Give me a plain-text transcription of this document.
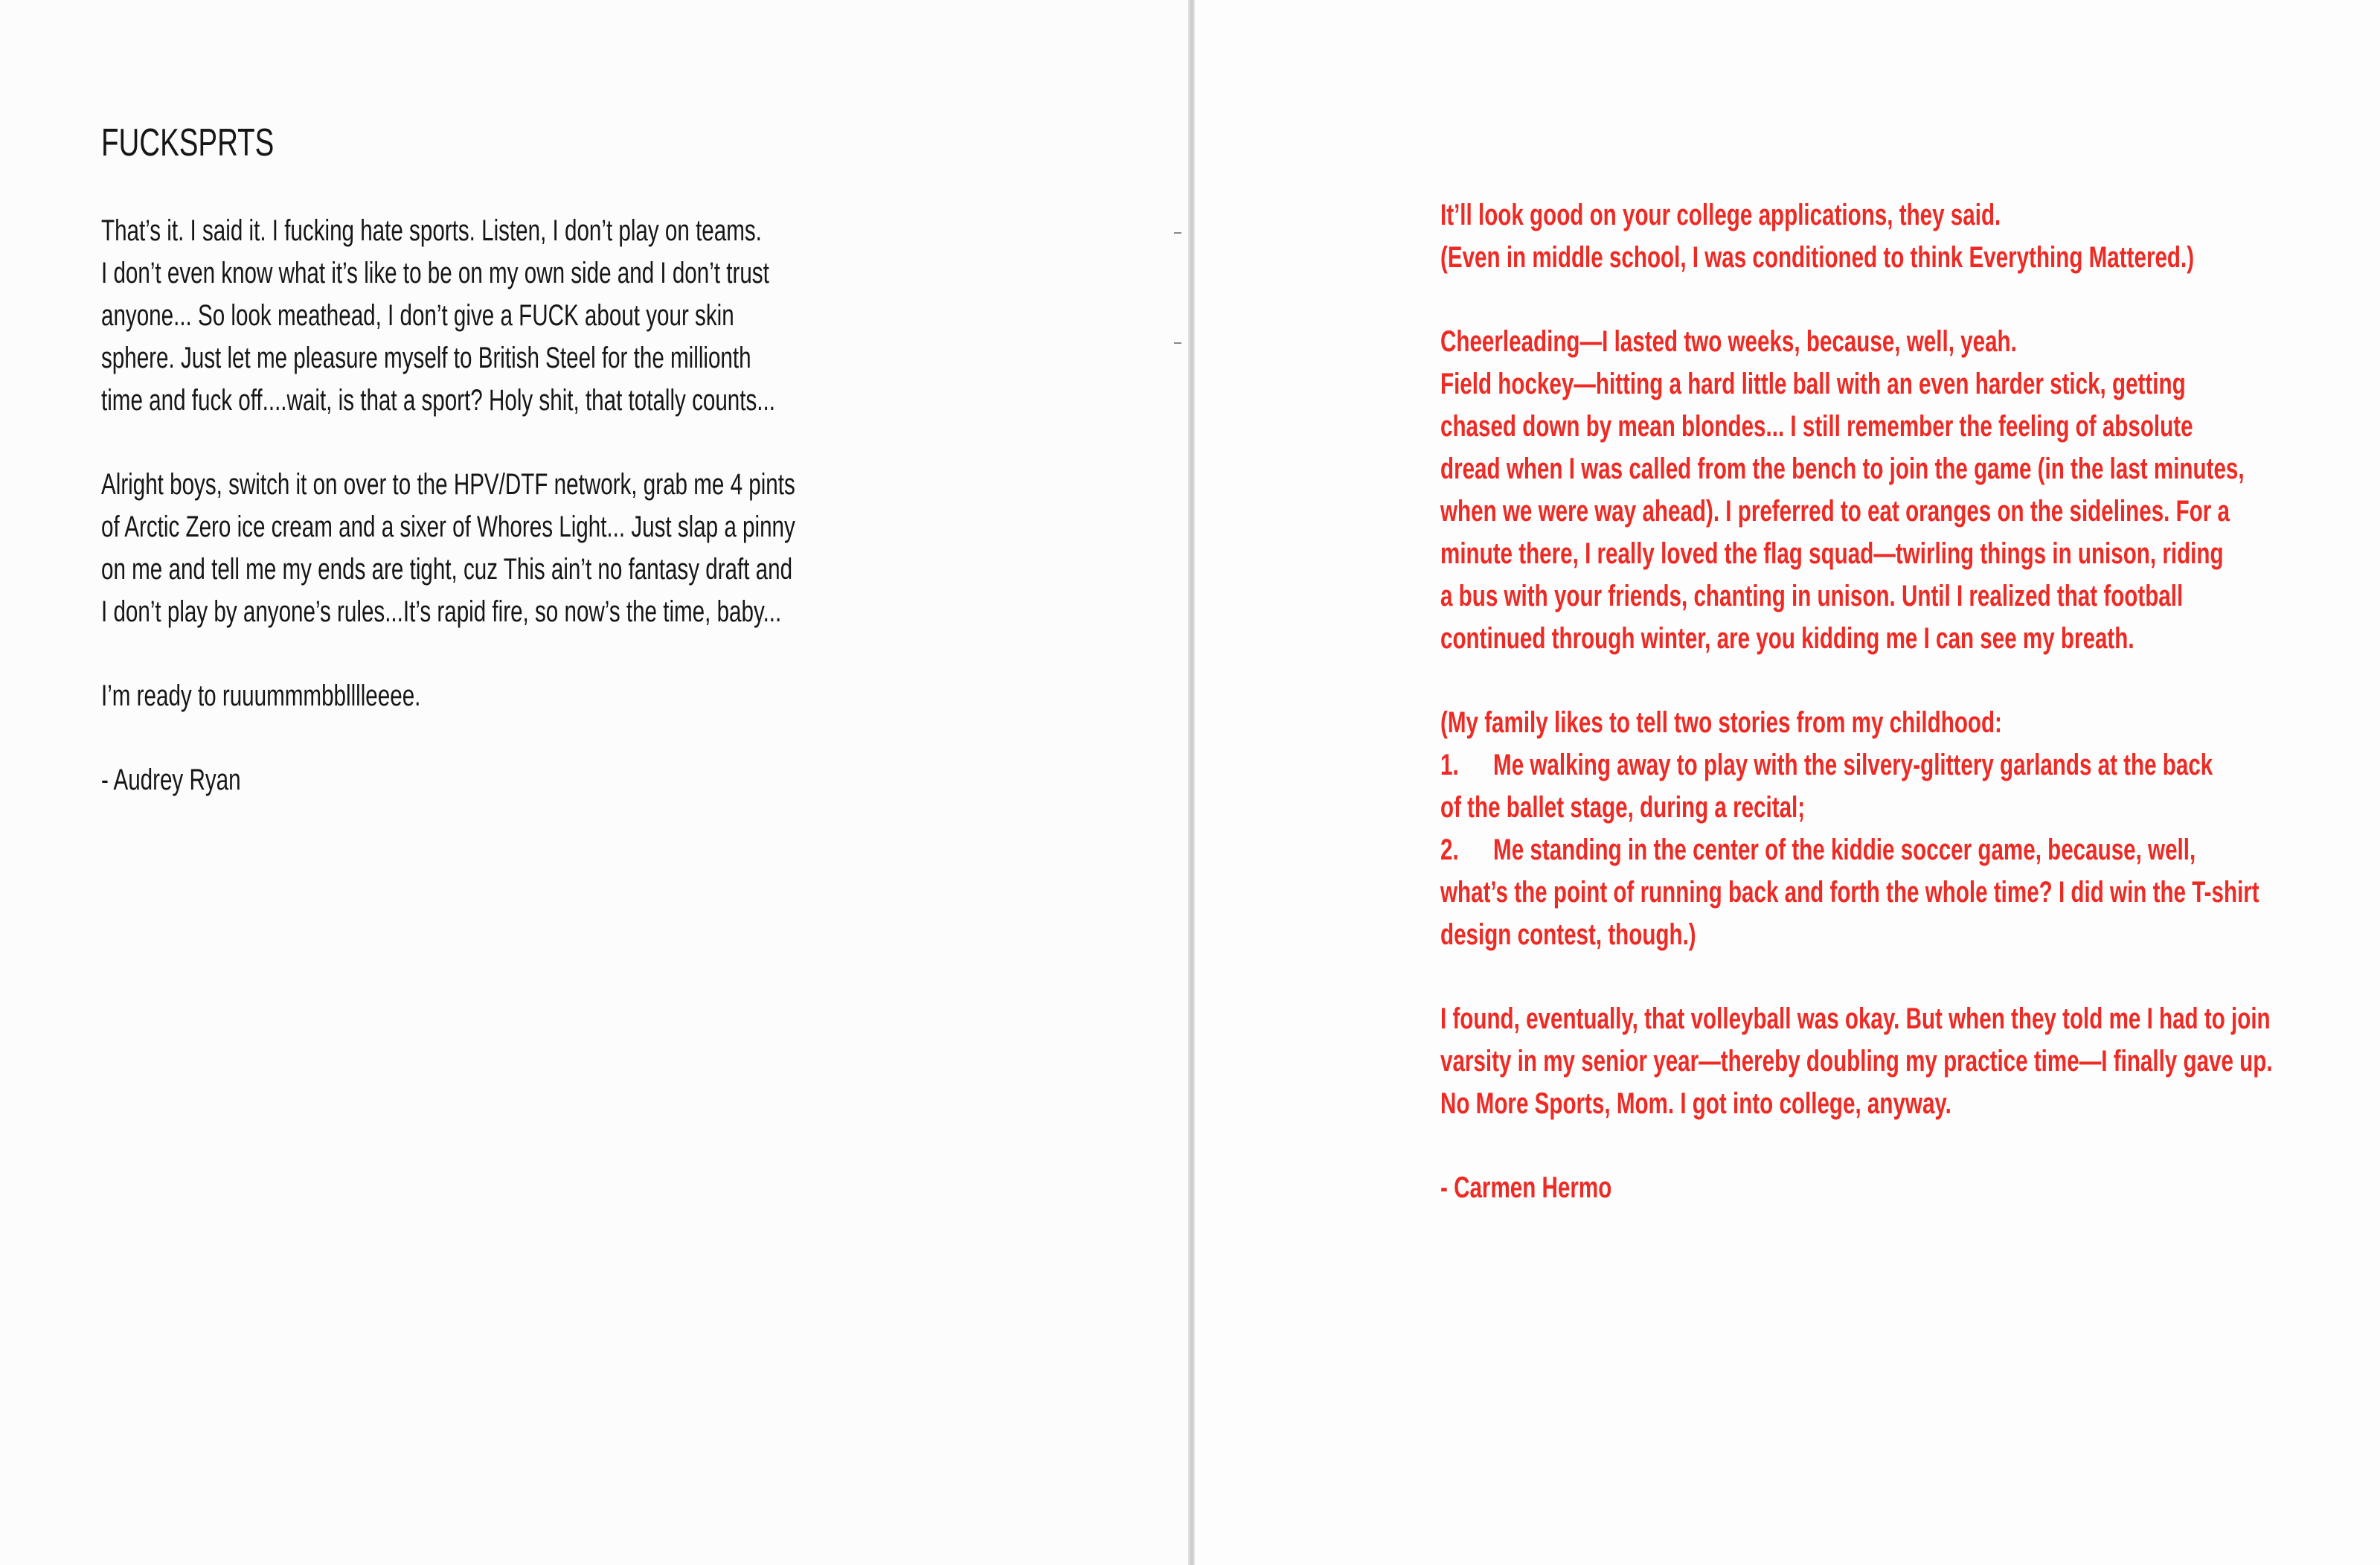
FUCKSPRTS
That’s it. I said it. I fucking hate sports. Listen, I don’t play on teams.
I don’t even know what it’s like to be on my own side and I don’t trust
anyone... So look meathead, I don’t give a FUCK about your skin
sphere. Just let me pleasure myself to British Steel for the millionth
time and fuck off....wait, is that a sport? Holy shit, that totally counts...
Alright boys, switch it on over to the HPV/DTF network, grab me 4 pints
of Arctic Zero ice cream and a sixer of Whores Light... Just slap a pinny
on me and tell me my ends are tight, cuz This ain’t no fantasy draft and
I don’t play by anyone’s rules...It’s rapid fire, so now’s the time, baby...
I’m ready to ruuummmbblllleeee.
- Audrey Ryan
It’ll look good on your college applications, they said.
(Even in middle school, I was conditioned to think Everything Mattered.)
Cheerleading—I lasted two weeks, because, well, yeah.
Field hockey—hitting a hard little ball with an even harder stick, getting
chased down by mean blondes... I still remember the feeling of absolute
dread when I was called from the bench to join the game (in the last minutes,
when we were way ahead). I preferred to eat oranges on the sidelines. For a
minute there, I really loved the flag squad—twirling things in unison, riding
a bus with your friends, chanting in unison. Until I realized that football
continued through winter, are you kidding me I can see my breath.
(My family likes to tell two stories from my childhood:
1. Me walking away to play with the silvery-glittery garlands at the back
of the ballet stage, during a recital;
2. Me standing in the center of the kiddie soccer game, because, well,
what’s the point of running back and forth the whole time? I did win the T-shirt
design contest, though.)
I found, eventually, that volleyball was okay. But when they told me I had to join
varsity in my senior year—thereby doubling my practice time—I finally gave up.
No More Sports, Mom. I got into college, anyway.
- Carmen Hermo
